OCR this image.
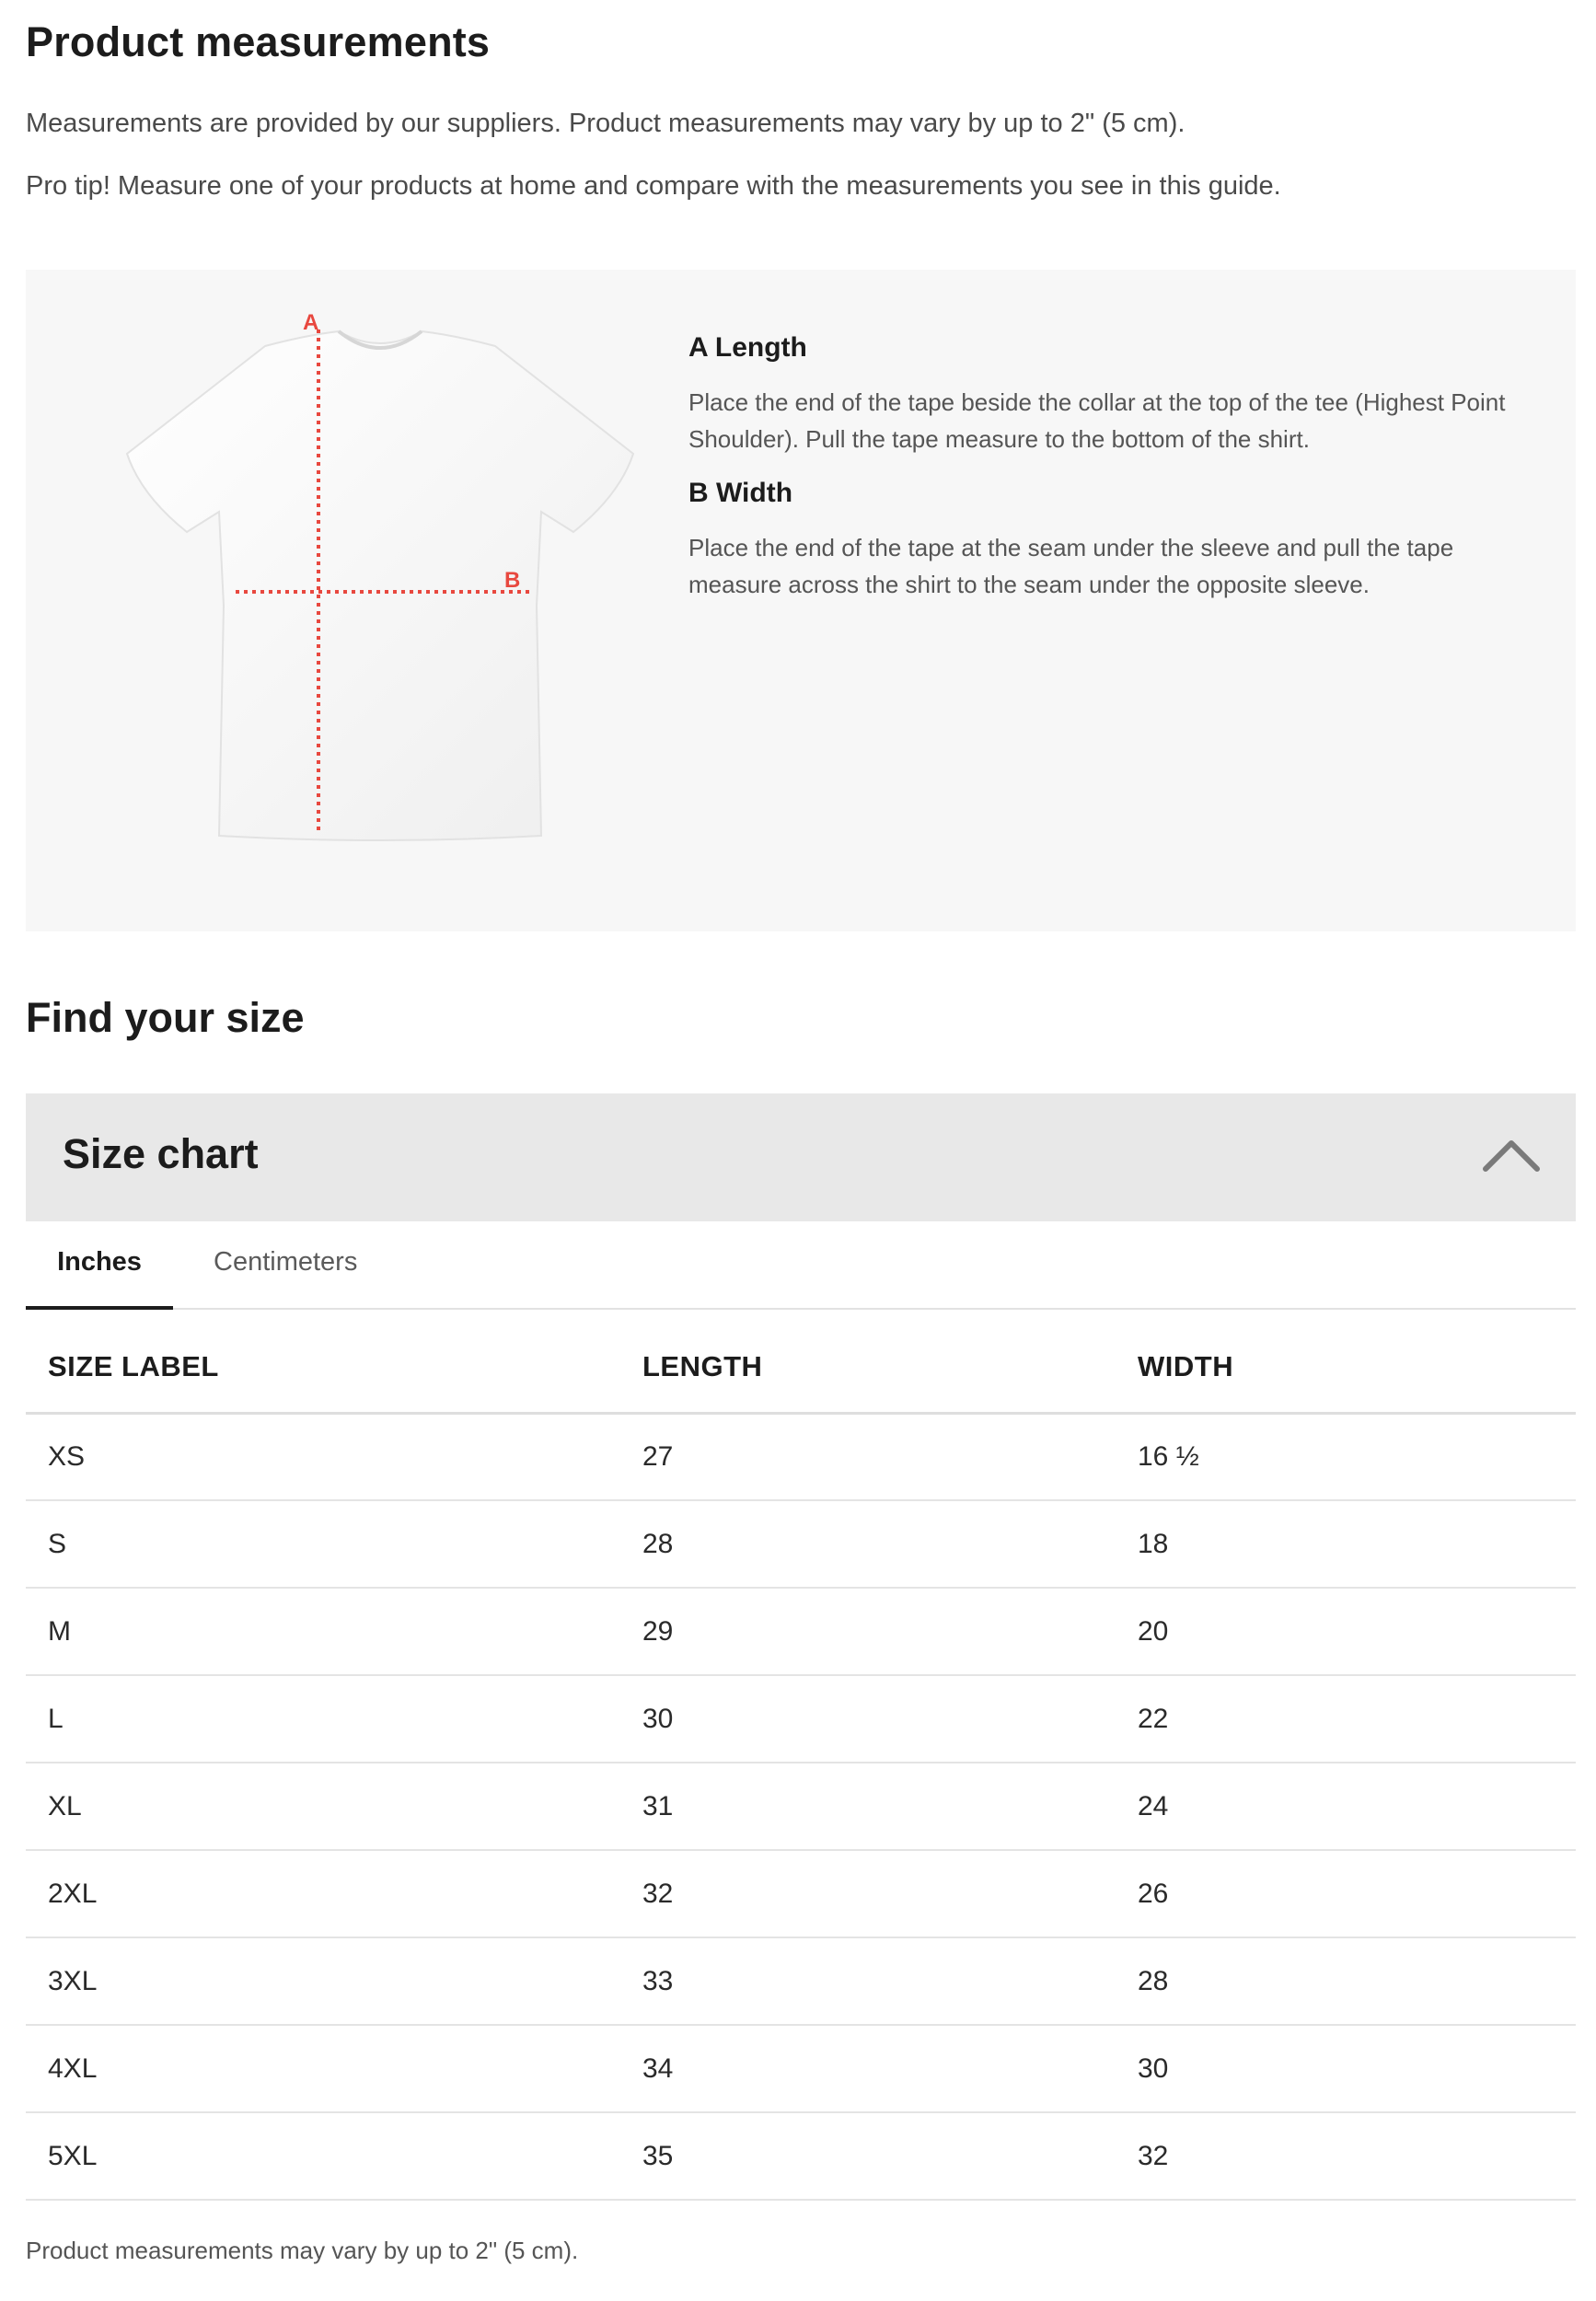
Product measurements

Measurements are provided by our suppliers. Product measurements may vary by up to 2" (5 cm).

Pro tip! Measure one of your products at home and compare with the measurements you see in this guide.

A
B
A Length
Place the end of the tape beside the collar at the top of the tee (Highest Point Shoulder). Pull the tape measure to the bottom of the shirt.
B Width
Place the end of the tape at the seam under the sleeve and pull the tape measure across the shirt to the seam under the opposite sleeve.
Find your size
Size chart
Inches	Centimeters
SIZE LABEL	LENGTH	WIDTH
XS	27	16 ½
S	28	18
M	29	20
L	30	22
XL	31	24
2XL	32	26
3XL	33	28
4XL	34	30
5XL	35	32

Product measurements may vary by up to 2" (5 cm).
